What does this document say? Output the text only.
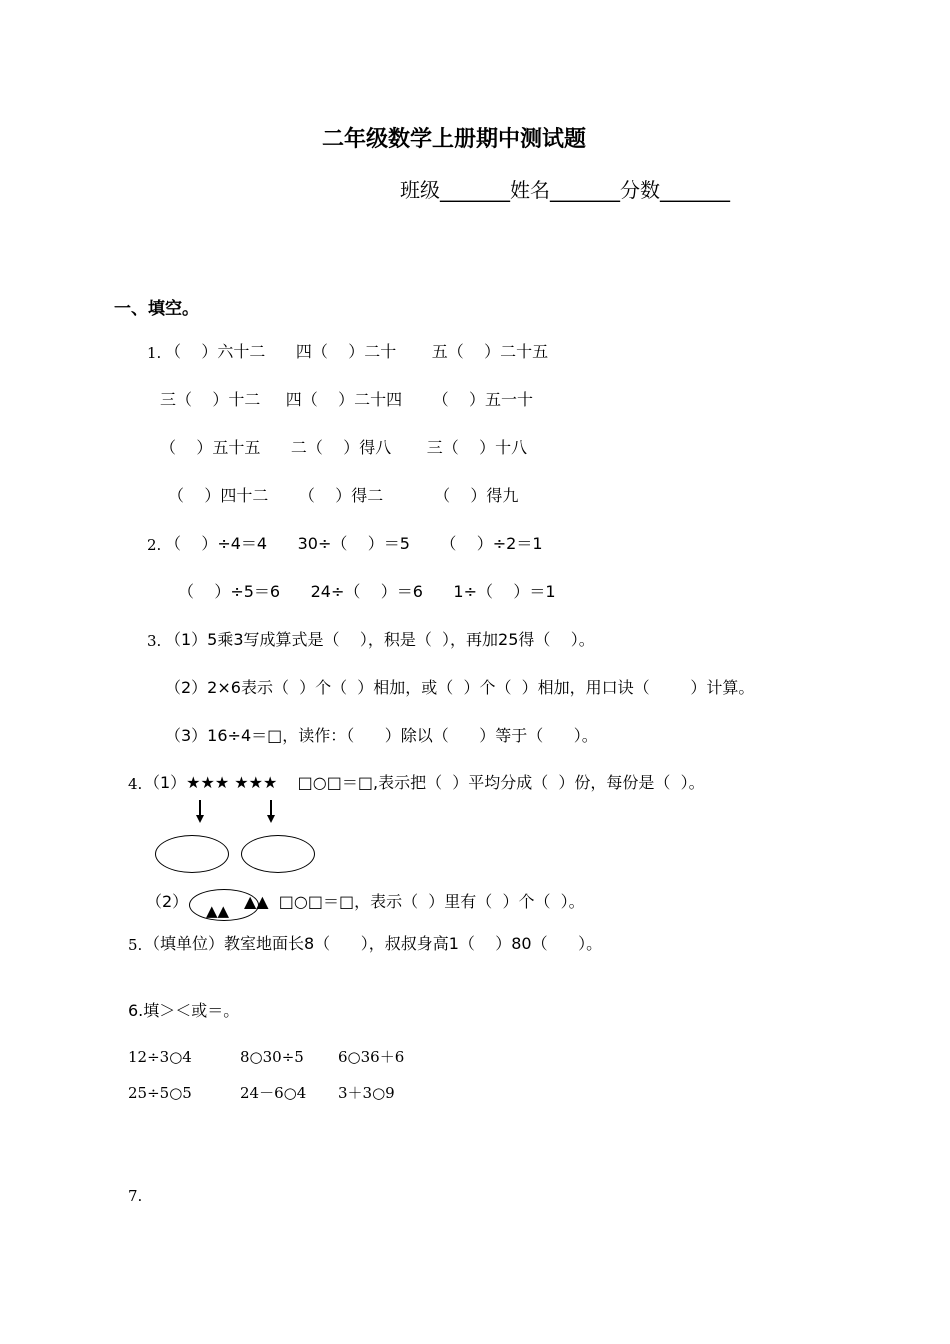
二年级数学上册期中测试题
班级_______姓名_______分数_______
一、填空。
1. （    ）六十二      四（    ）二十       五（    ）二十五
三（    ）十二     四（    ）二十四      （    ）五一十
（    ）五十五      二（    ）得八       三（    ）十八
（    ）四十二      （    ）得二          （    ）得九
2. （    ）÷4＝4      30÷（    ）＝5      （    ）÷2＝1
（    ）÷5＝6      24÷（    ）＝6      1÷（    ）＝1
3. （1）5乘3写成算式是（    ），积是（  ），再加25得（    ）。
（2）2×6表示（  ）个（  ）相加，或（  ）个（  ）相加，用口诀（        ）计算。
（3）16÷4＝□，读作：（      ）除以（      ）等于（      ）。
4. （1）★★★ ★★★    □○□＝□,表示把（  ）平均分成（  ）份，每份是（  ）。
（2） ▲▲ ▲▲  □○□＝□，表示（  ）里有（  ）个（  ）。
5. （填单位）教室地面长8（      ），叔叔身高1（    ）80（      ）。
6.填＞＜或＝。
12÷3○4	8○30÷5 6○36＋6
25÷5○5	24－6○4 3＋3○9
7.
